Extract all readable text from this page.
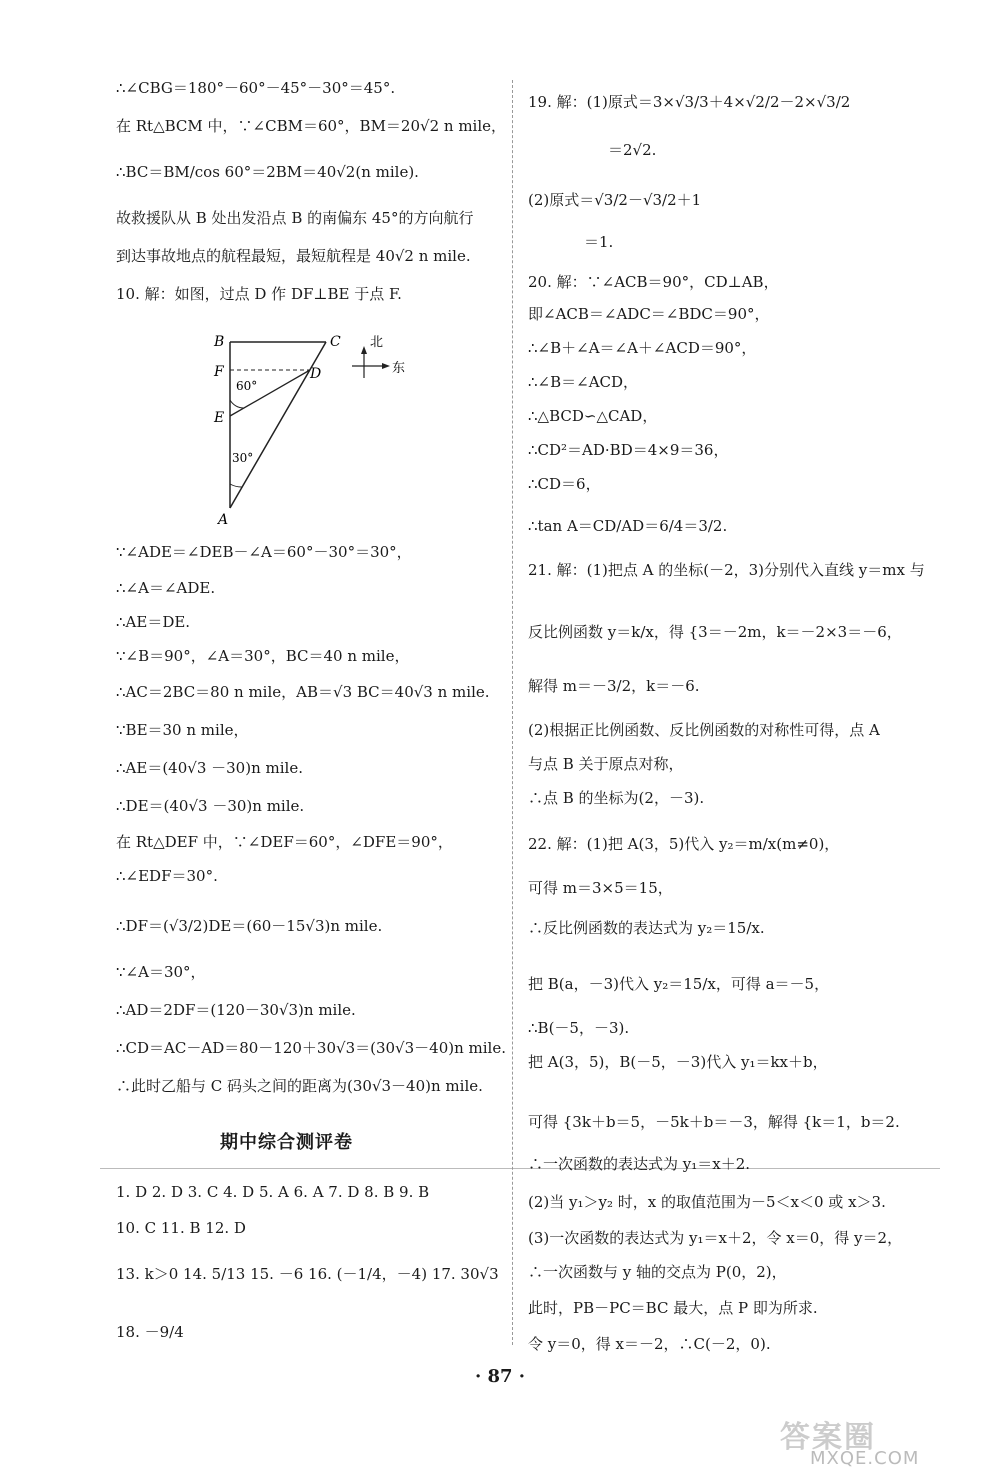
∴∠CBG＝180°－60°－45°－30°＝45°.
在 Rt△BCM 中，∵∠CBM＝60°，BM＝20√2 n mile，
∴BC＝BM/cos 60°＝2BM＝40√2(n mile).
故救援队从 B 处出发沿点 B 的南偏东 45°的方向航行
到达事故地点的航程最短，最短航程是 40√2 n mile.
10. 解：如图，过点 D 作 DF⊥BE 于点 F.
B	C
F	D
E
A
60°
30°
北
东
∵∠ADE＝∠DEB－∠A＝60°－30°＝30°，
∴∠A＝∠ADE.
∴AE＝DE.
∵∠B＝90°，∠A＝30°，BC＝40 n mile，
∴AC＝2BC＝80 n mile，AB＝√3 BC＝40√3 n mile.
∵BE＝30 n mile，
∴AE＝(40√3 －30)n mile.
∴DE＝(40√3 －30)n mile.
在 Rt△DEF 中，∵∠DEF＝60°，∠DFE＝90°，
∴∠EDF＝30°.
∴DF＝(√3/2)DE＝(60－15√3)n mile.
∵∠A＝30°，
∴AD＝2DF＝(120－30√3)n mile.
∴CD＝AC－AD＝80－120＋30√3＝(30√3－40)n mile.
∴此时乙船与 C 码头之间的距离为(30√3－40)n mile.
期中综合测评卷
1. D 2. D 3. C 4. D 5. A 6. A 7. D 8. B 9. B
10. C 11. B 12. D
13. k＞0 14. 5/13 15. －6 16. (－1/4，－4) 17. 30√3
18. －9/4
19. 解：(1)原式＝3×√3/3＋4×√2/2－2×√3/2
＝2√2.
(2)原式＝√3/2－√3/2＋1
＝1.
20. 解：∵∠ACB＝90°，CD⊥AB，
即∠ACB＝∠ADC＝∠BDC＝90°，
∴∠B＋∠A＝∠A＋∠ACD＝90°，
∴∠B＝∠ACD，
∴△BCD∽△CAD，
∴CD²＝AD·BD＝4×9＝36，
∴CD＝6，
∴tan A＝CD/AD＝6/4＝3/2.
21. 解：(1)把点 A 的坐标(－2，3)分别代入直线 y＝mx 与
反比例函数 y＝k/x，得 {3＝－2m，k＝－2×3＝－6，
解得 m＝－3/2，k＝－6.
(2)根据正比例函数、反比例函数的对称性可得，点 A
与点 B 关于原点对称，
∴点 B 的坐标为(2，－3).
22. 解：(1)把 A(3，5)代入 y₂＝m/x(m≠0)，
可得 m＝3×5＝15，
∴反比例函数的表达式为 y₂＝15/x.
把 B(a，－3)代入 y₂＝15/x，可得 a＝－5，
∴B(－5，－3).
把 A(3，5)，B(－5，－3)代入 y₁＝kx＋b，
可得 {3k＋b＝5，－5k＋b＝－3，解得 {k＝1，b＝2.
∴一次函数的表达式为 y₁＝x＋2.
(2)当 y₁＞y₂ 时，x 的取值范围为－5＜x＜0 或 x＞3.
(3)一次函数的表达式为 y₁＝x＋2，令 x＝0，得 y＝2，
∴一次函数与 y 轴的交点为 P(0，2)，
此时，PB－PC＝BC 最大，点 P 即为所求.
令 y＝0，得 x＝－2，∴C(－2，0).
· 87 ·
答案圈
MXQE.COM
